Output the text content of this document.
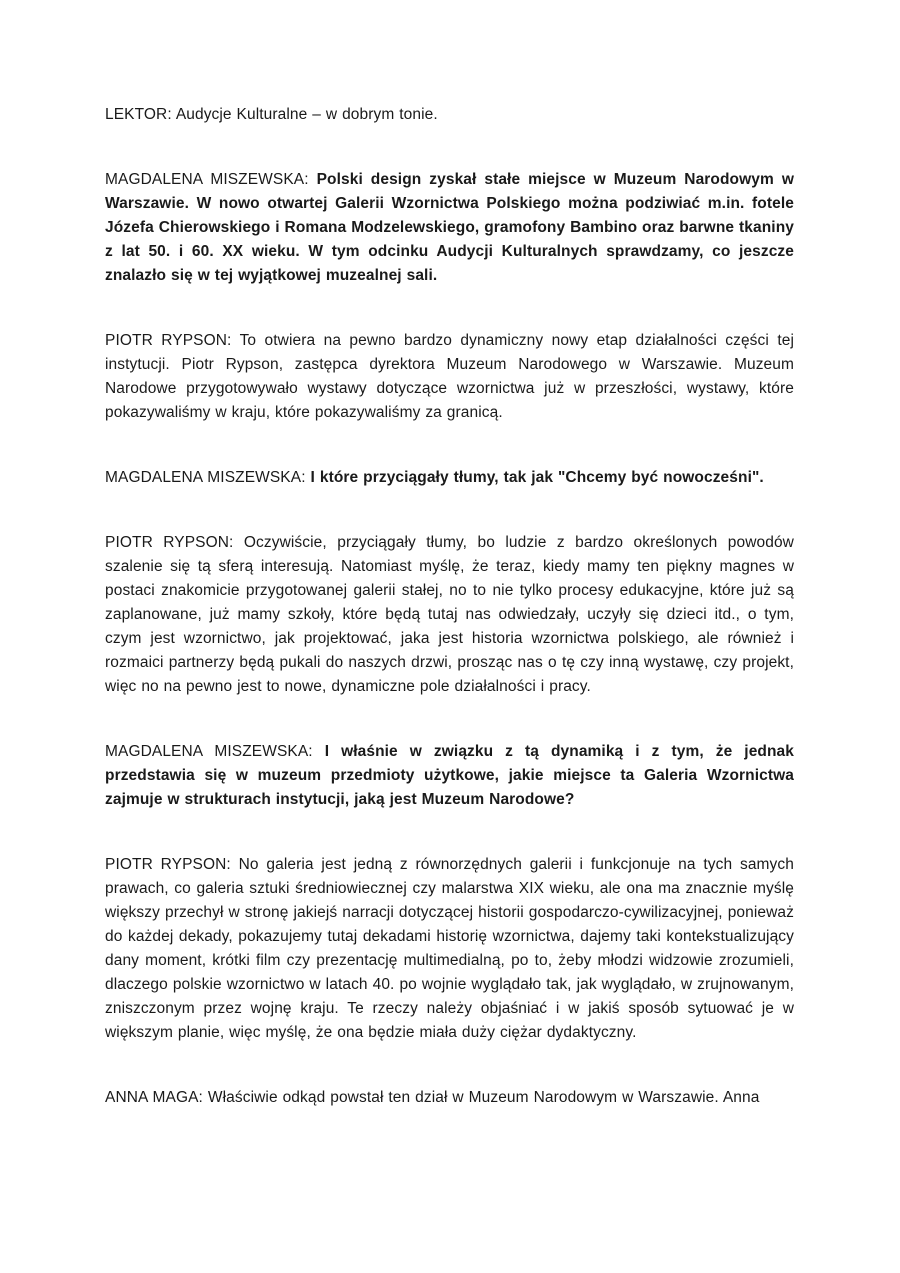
LEKTOR: Audycje Kulturalne – w dobrym tonie.

MAGDALENA MISZEWSKA: Polski design zyskał stałe miejsce w Muzeum Narodowym w Warszawie. W nowo otwartej Galerii Wzornictwa Polskiego można podziwiać m.in. fotele Józefa Chierowskiego i Romana Modzelewskiego, gramofony Bambino oraz barwne tkaniny z lat 50. i 60. XX wieku. W tym odcinku Audycji Kulturalnych sprawdzamy, co jeszcze znalazło się w tej wyjątkowej muzealnej sali.

PIOTR RYPSON: To otwiera na pewno bardzo dynamiczny nowy etap działalności części tej instytucji. Piotr Rypson, zastępca dyrektora Muzeum Narodowego w Warszawie. Muzeum Narodowe przygotowywało wystawy dotyczące wzornictwa już w przeszłości, wystawy, które pokazywaliśmy w kraju, które pokazywaliśmy za granicą.

MAGDALENA MISZEWSKA: I które przyciągały tłumy, tak jak "Chcemy być nowocześni".

PIOTR RYPSON: Oczywiście, przyciągały tłumy, bo ludzie z bardzo określonych powodów szalenie się tą sferą interesują. Natomiast myślę, że teraz, kiedy mamy ten piękny magnes w postaci znakomicie przygotowanej galerii stałej, no to nie tylko procesy edukacyjne, które już są zaplanowane, już mamy szkoły, które będą tutaj nas odwiedzały, uczyły się dzieci itd., o tym, czym jest wzornictwo, jak projektować, jaka jest historia wzornictwa polskiego, ale również i rozmaici partnerzy będą pukali do naszych drzwi, prosząc nas o tę czy inną wystawę, czy projekt, więc no na pewno jest to nowe, dynamiczne pole działalności i pracy.

MAGDALENA MISZEWSKA: I właśnie w związku z tą dynamiką i z tym, że jednak przedstawia się w muzeum przedmioty użytkowe, jakie miejsce ta Galeria Wzornictwa zajmuje w strukturach instytucji, jaką jest Muzeum Narodowe?

PIOTR RYPSON: No galeria jest jedną z równorzędnych galerii i funkcjonuje na tych samych prawach, co galeria sztuki średniowiecznej czy malarstwa XIX wieku, ale ona ma znacznie myślę większy przechył w stronę jakiejś narracji dotyczącej historii gospodarczo-cywilizacyjnej, ponieważ do każdej dekady, pokazujemy tutaj dekadami historię wzornictwa, dajemy taki kontekstualizujący dany moment, krótki film czy prezentację multimedialną, po to, żeby młodzi widzowie zrozumieli, dlaczego polskie wzornictwo w latach 40. po wojnie wyglądało tak, jak wyglądało, w zrujnowanym, zniszczonym przez wojnę kraju. Te rzeczy należy objaśniać i w jakiś sposób sytuować je w większym planie, więc myślę, że ona będzie miała duży ciężar dydaktyczny.

ANNA MAGA: Właściwie odkąd powstał ten dział w Muzeum Narodowym w Warszawie. Anna
